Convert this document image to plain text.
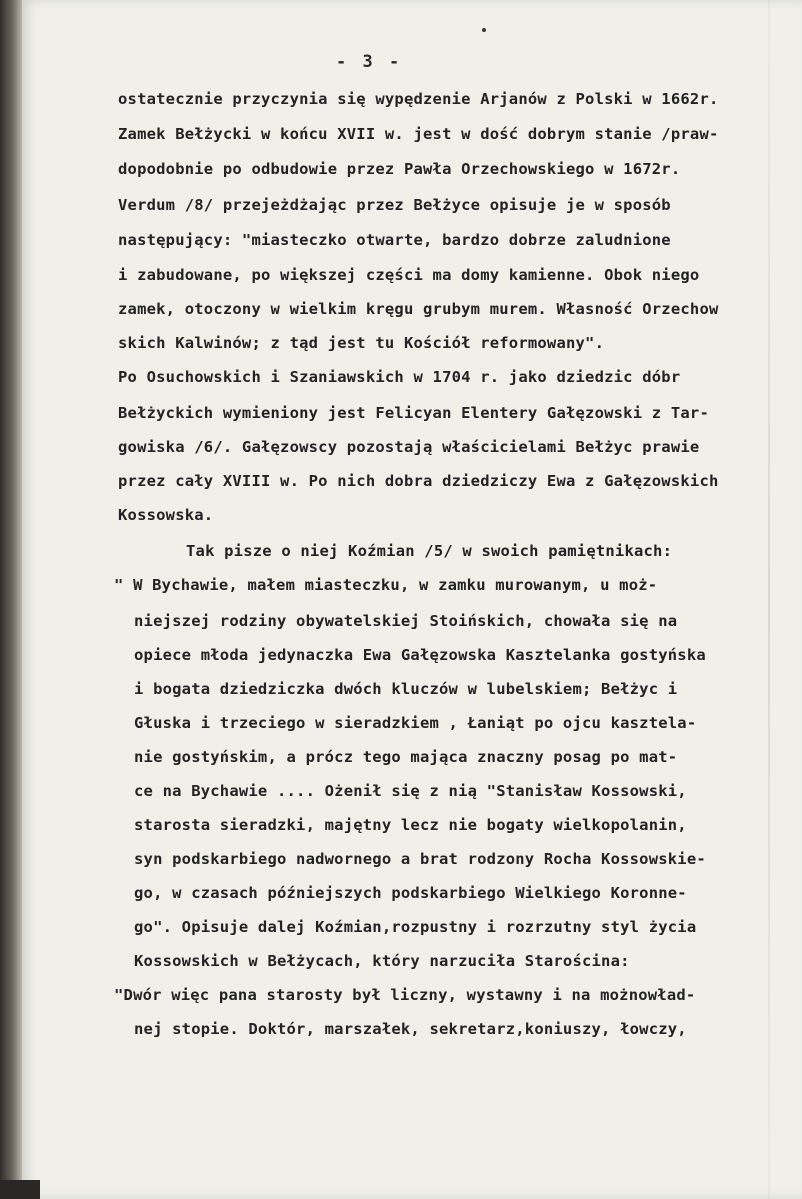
- 3 -
ostatecznie przyczynia się wypędzenie Arjanów z Polski w 1662r.
Zamek Bełżycki w końcu XVII w. jest w dość dobrym stanie /praw-
dopodobnie po odbudowie przez Pawła Orzechowskiego w 1672r.
Verdum /8/ przejeżdżając przez Bełżyce opisuje je w sposób
następujący: "miasteczko otwarte, bardzo dobrze zaludnione
i zabudowane, po większej części ma domy kamienne. Obok niego
zamek, otoczony w wielkim kręgu grubym murem. Własność Orzechow
skich Kalwinów; z tąd jest tu Kościół reformowany".
Po Osuchowskich i Szaniawskich w 1704 r. jako dziedzic dóbr
Bełżyckich wymieniony jest Felicyan Elentery Gałęzowski z Tar-
gowiska /6/. Gałęzowscy pozostają właścicielami Bełżyc prawie
przez cały XVIII w. Po nich dobra dziedziczy Ewa z Gałęzowskich
Kossowska.
Tak pisze o niej Koźmian /5/ w swoich pamiętnikach:
" W Bychawie, małem miasteczku, w zamku murowanym, u moż-
niejszej rodziny obywatelskiej Stoińskich, chowała się na
opiece młoda jedynaczka Ewa Gałęzowska Kasztelanka gostyńska
i bogata dziedziczka dwóch kluczów w lubelskiem; Bełżyc i
Głuska i trzeciego w sieradzkiem , Łaniąt po ojcu kasztela-
nie gostyńskim, a prócz tego mająca znaczny posag po mat-
ce na Bychawie .... Ożenił się z nią "Stanisław Kossowski,
starosta sieradzki, majętny lecz nie bogaty wielkopolanin,
syn podskarbiego nadwornego a brat rodzony Rocha Kossowskie-
go, w czasach późniejszych podskarbiego Wielkiego Koronne-
go". Opisuje dalej Koźmian,rozpustny i rozrzutny styl życia
Kossowskich w Bełżycach, który narzuciła Starościna:
"Dwór więc pana starosty był liczny, wystawny i na możnowład-
nej stopie. Doktór, marszałek, sekretarz,koniuszy, łowczy,
